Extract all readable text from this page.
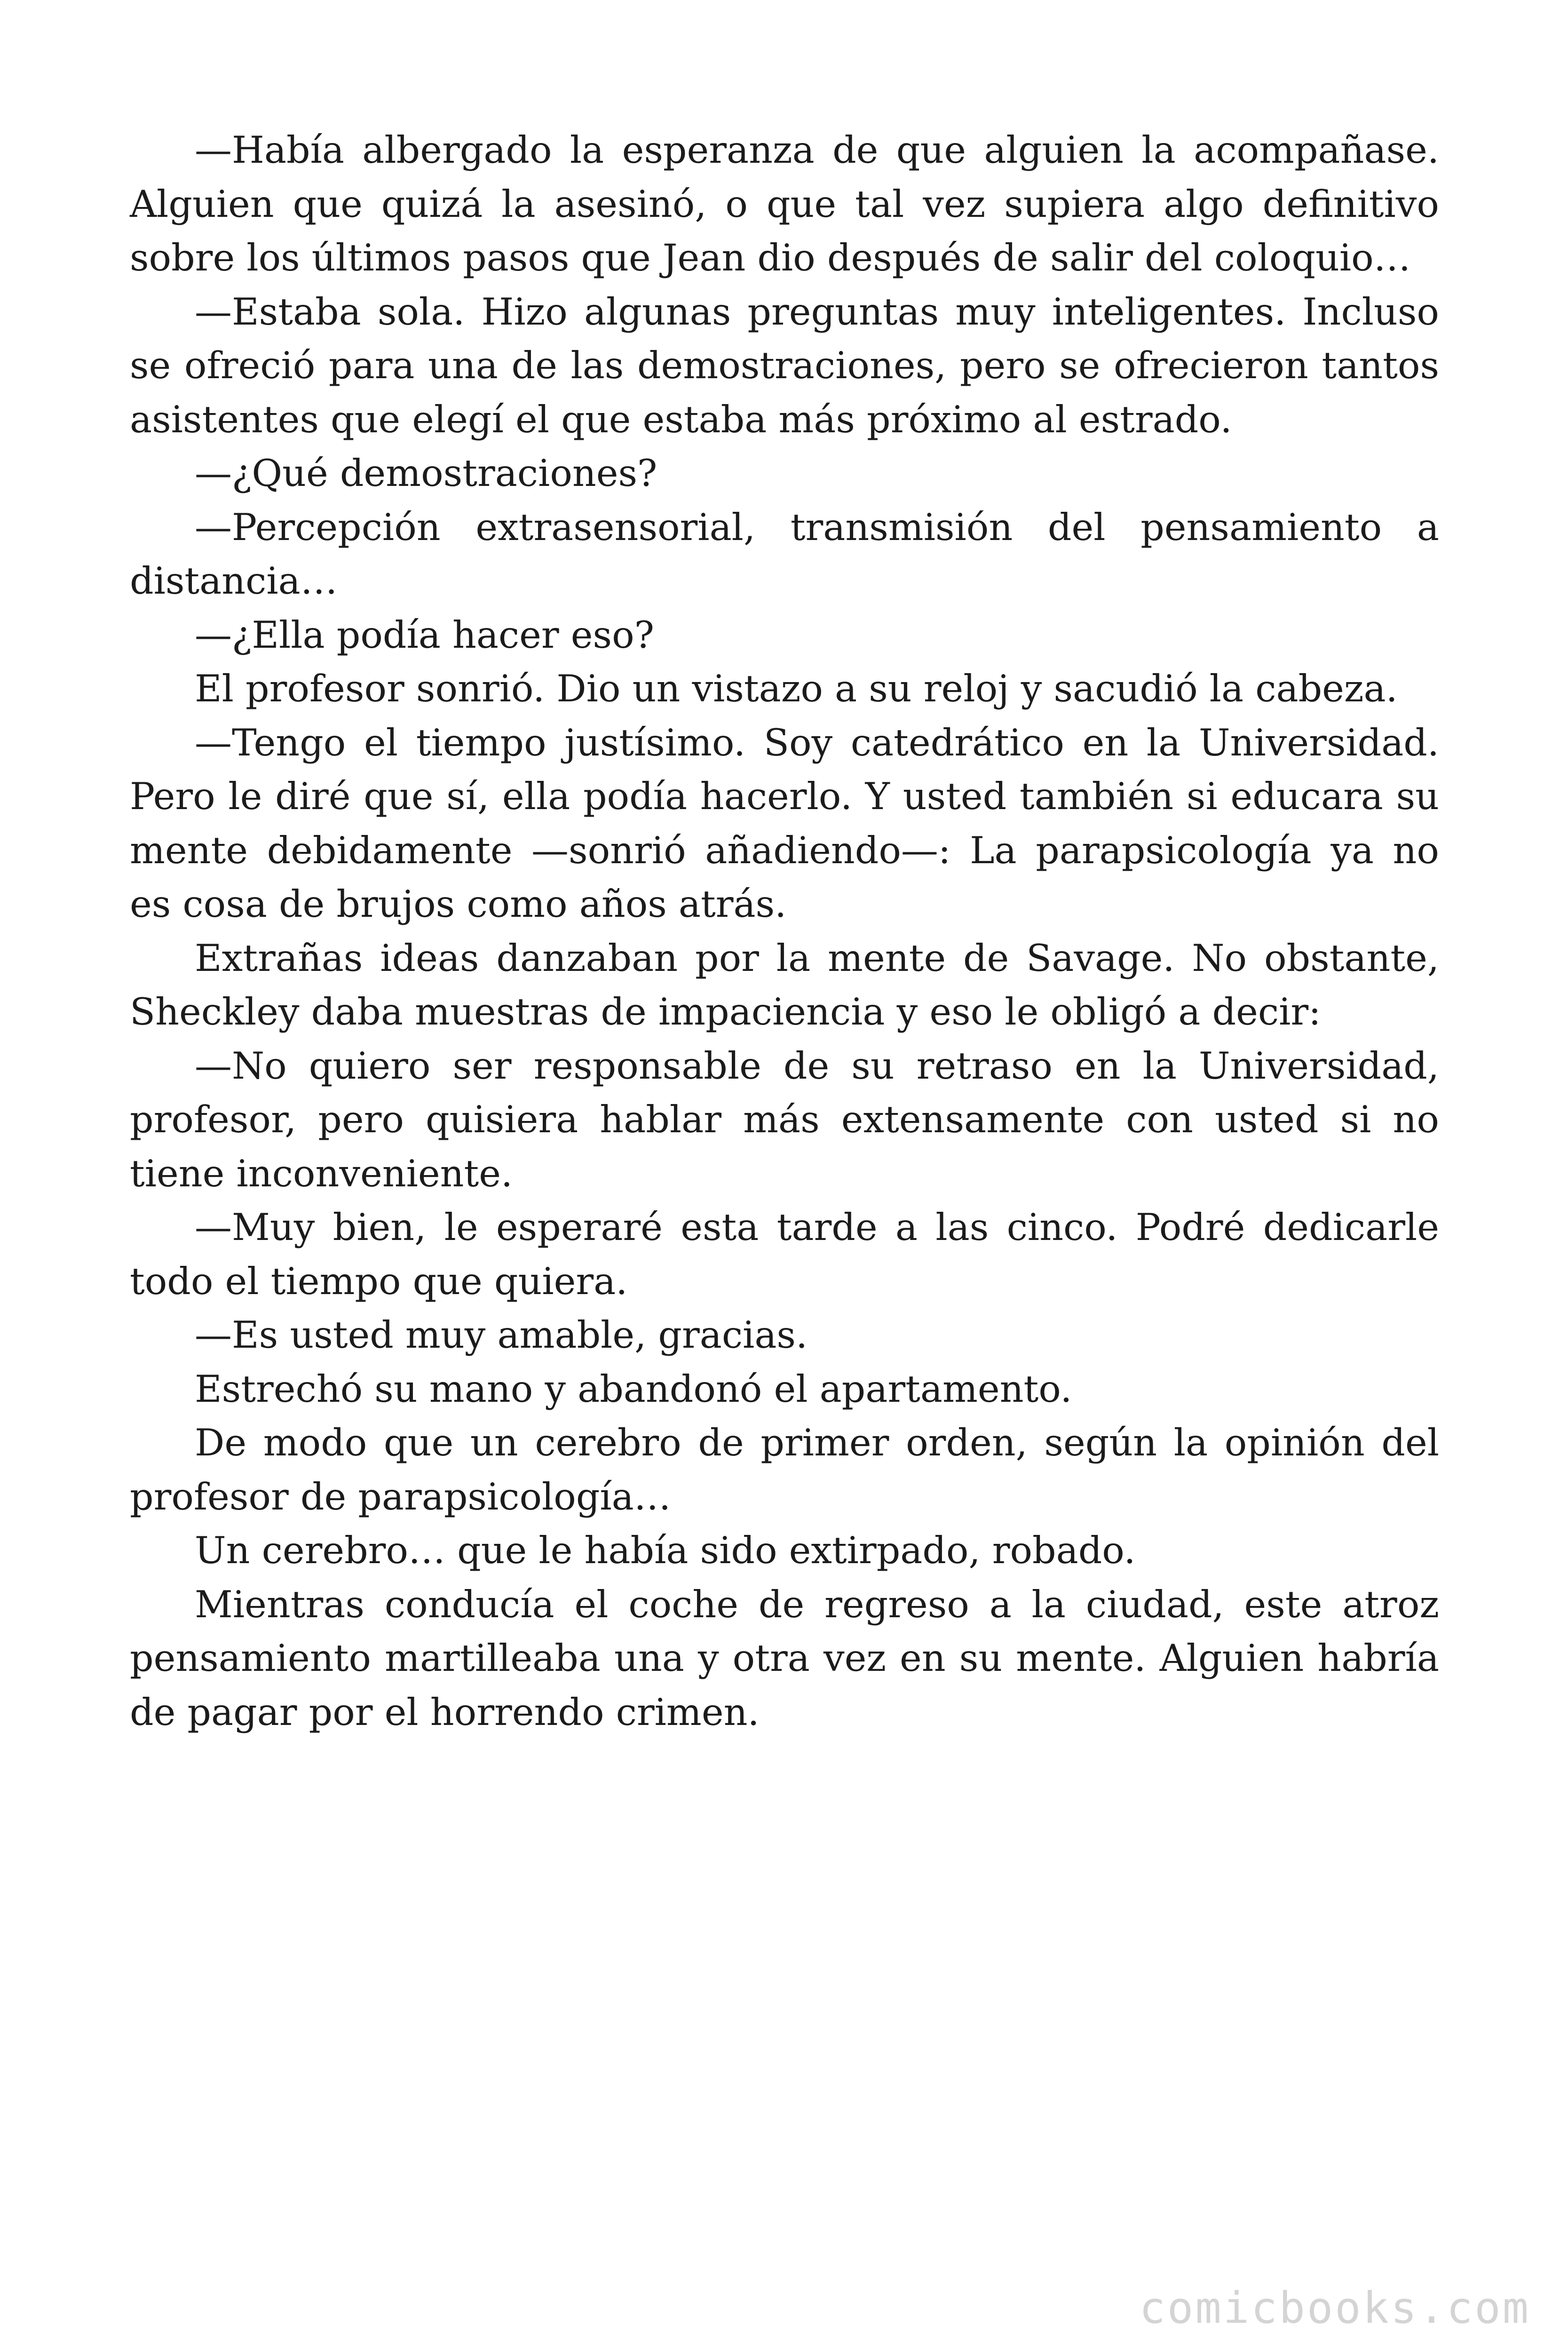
—Había albergado la esperanza de que alguien la acompañase. Alguien que quizá la asesinó, o que tal vez supiera algo definitivo sobre los últimos pasos que Jean dio después de salir del coloquio…

—Estaba sola. Hizo algunas preguntas muy inteligentes. Incluso se ofreció para una de las demostraciones, pero se ofrecieron tantos asistentes que elegí el que estaba más próximo al estrado.

—¿Qué demostraciones?

—Percepción extrasensorial, transmisión del pensamiento a distancia…

—¿Ella podía hacer eso?

El profesor sonrió. Dio un vistazo a su reloj y sacudió la cabeza.

—Tengo el tiempo justísimo. Soy catedrático en la Universidad. Pero le diré que sí, ella podía hacerlo. Y usted también si educara su mente debidamente —sonrió añadiendo—: La parapsicología ya no es cosa de brujos como años atrás.

Extrañas ideas danzaban por la mente de Savage. No obstante, Sheckley daba muestras de impaciencia y eso le obligó a decir:

—No quiero ser responsable de su retraso en la Universidad, profesor, pero quisiera hablar más extensamente con usted si no tiene inconveniente.

—Muy bien, le esperaré esta tarde a las cinco. Podré dedicarle todo el tiempo que quiera.

—Es usted muy amable, gracias.

Estrechó su mano y abandonó el apartamento.

De modo que un cerebro de primer orden, según la opinión del profesor de parapsicología…

Un cerebro… que le había sido extirpado, robado.

Mientras conducía el coche de regreso a la ciudad, este atroz pensamiento martilleaba una y otra vez en su mente. Alguien habría de pagar por el horrendo crimen.

comicbooks.com
